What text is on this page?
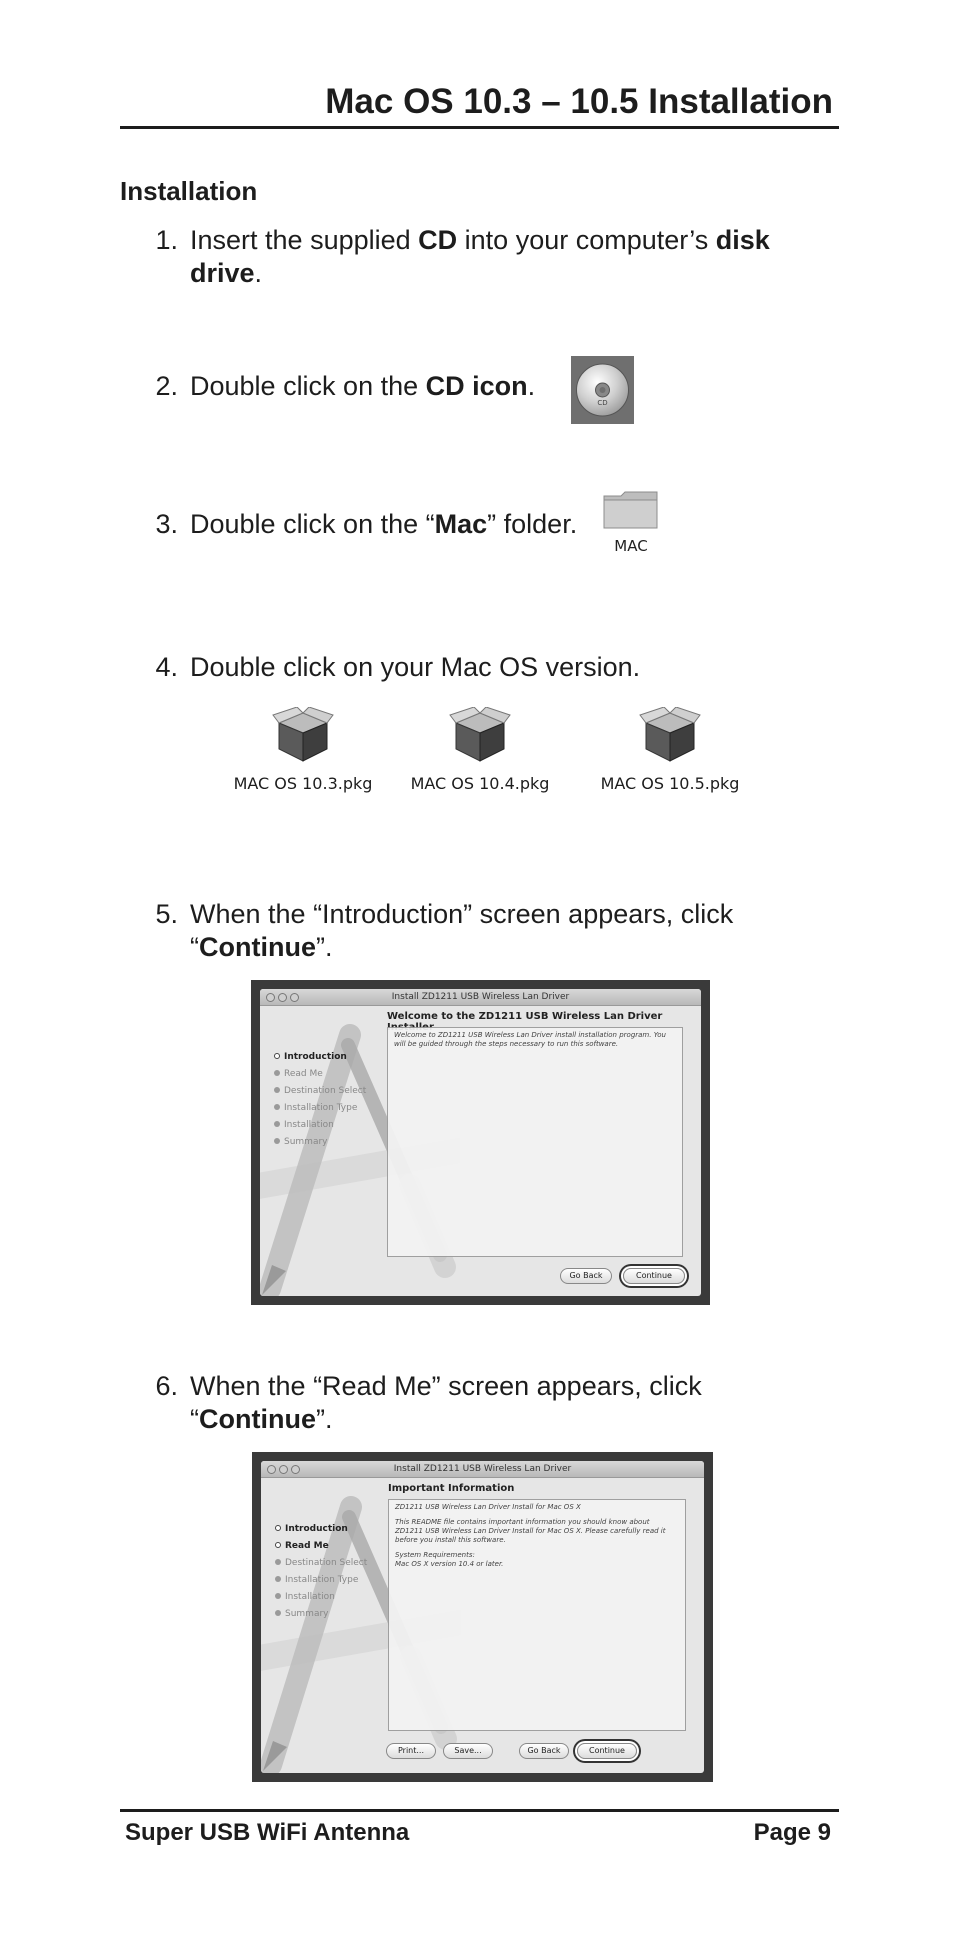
Mac OS 10.3 – 10.5 Installation
Installation
1. Insert the supplied CD into your computer’s disk
drive.
2. Double click on the CD icon.
CD
3. Double click on the “Mac” folder.
MAC
4. Double click on your Mac OS version.
MAC OS 10.3.pkg	MAC OS 10.4.pkg	MAC OS 10.5.pkg
5. When the “Introduction” screen appears, click
“Continue”.
Install ZD1211 USB Wireless Lan Driver
Introduction
Read Me
Destination Select
Installation Type
Installation
Summary
Welcome to the ZD1211 USB Wireless Lan Driver
Welcome to ZD1211 USB Wireless Lan Driver install installation program. You will be guided through the steps necessary to run this software.
Go Back	Continue
6. When the “Read Me” screen appears, click
“Continue”.
Install ZD1211 USB Wireless Lan Driver
Introduction
Read Me
Destination Select
Installation Type
Installation
Summary
Important Information

ZD1211 USB Wireless Lan Driver Install for Mac OS X

This README file contains important information you should know about ZD1211 USB Wireless Lan Driver Install for Mac OS X. Please carefully read it before you install this software.

System Requirements:

Mac OS X version 10.4 or later.

Print...	Save...	Go Back	Continue
Super USB WiFi Antenna	Page 9
